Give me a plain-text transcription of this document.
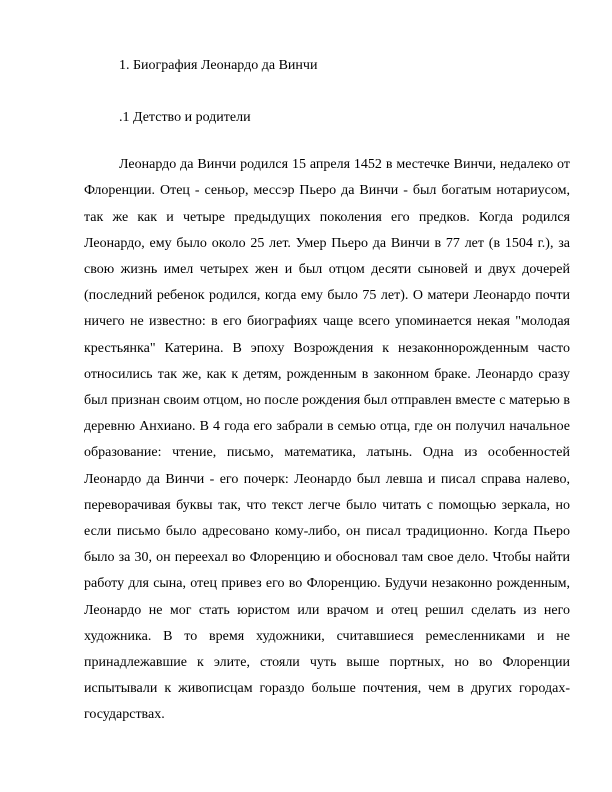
1. Биография Леонардо да Винчи
.1 Детство и родители
Леонардо да Винчи родился 15 апреля 1452 в местечке Винчи, недалеко от
Флоренции. Отец - сеньор, мессэр Пьеро да Винчи - был богатым нотариусом,
так же как и четыре предыдущих поколения его предков. Когда родился
Леонардо, ему было около 25 лет. Умер Пьеро да Винчи в 77 лет (в 1504 г.), за
свою жизнь имел четырех жен и был отцом десяти сыновей и двух дочерей
(последний ребенок родился, когда ему было 75 лет). О матери Леонардо почти
ничего не известно: в его биографиях чаще всего упоминается некая "молодая
крестьянка" Катерина. В эпоху Возрождения к незаконнорожденным часто
относились так же, как к детям, рожденным в законном браке. Леонардо сразу
был признан своим отцом, но после рождения был отправлен вместе с матерью в
деревню Анхиано. В 4 года его забрали в семью отца, где он получил начальное
образование: чтение, письмо, математика, латынь. Одна из особенностей
Леонардо да Винчи - его почерк: Леонардо был левша и писал справа налево,
переворачивая буквы так, что текст легче было читать с помощью зеркала, но
если письмо было адресовано кому-либо, он писал традиционно. Когда Пьеро
было за 30, он переехал во Флоренцию и обосновал там свое дело. Чтобы найти
работу для сына, отец привез его во Флоренцию. Будучи незаконно рожденным,
Леонардо не мог стать юристом или врачом и отец решил сделать из него
художника. В то время художники, считавшиеся ремесленниками и не
принадлежавшие к элите, стояли чуть выше портных, но во Флоренции
испытывали к живописцам гораздо больше почтения, чем в других городах-
государствах.
